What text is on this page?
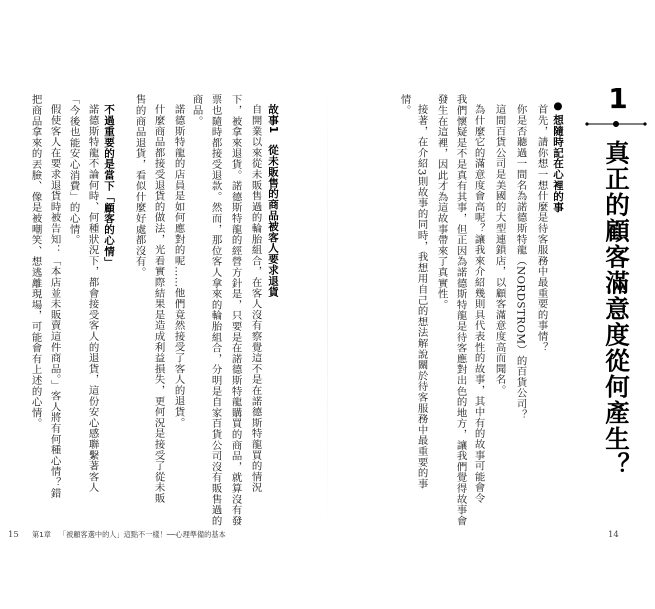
1
真正的顧客滿意度從何產生？
●想隨時記在心裡的事
首先，請你想一想什麼是待客服務中最重要的事情？
你是否聽過一間名為諾德斯特龍（NORDSTROM）的百貨公司？
這間百貨公司是美國的大型連鎖店，以顧客滿意度高而聞名。
為什麼它的滿意度會高呢？讓我來介紹幾則具代表性的故事，其中有的故事可能會令
我們懷疑是不是真有其事，但正因為諾德斯特龍是待客應對出色的地方，讓我們覺得故事會
發生在這裡，因此才為這故事帶來了真實性。
接著，在介紹3則故事的同時，我想用自己的想法解說關於待客服務中最重要的事
情。
14
故事1　從未販售的商品被客人要求退貨
自開業以來從未販售過的輪胎組合，在客人沒有察覺這不是在諾德斯特龍買的情況
下，被拿來退貨。諾德斯特龍的經營方針是，只要是在諾德斯特龍購買的商品，就算沒有發
票也隨時都接受退款。然而，那位客人拿來的輪胎組合，分明是自家百貨公司沒有販售過的
商品。
諾德斯特龍的店員是如何應對的呢……他們竟然接受了客人的退貨。
什麼商品都接受退貨的做法，光看實際結果是造成利益損失，更何況是接受了從未販
售的商品退貨，看似什麼好處都沒有。
不過重要的是當下「顧客的心情」
諾德斯特龍不論何時、何種狀況下，都會接受客人的退貨，這份安心感聯繫著客人
「今後也能安心消費」的心情。
假使客人在要求退貨時被告知：「本店並未販賣這件商品。」客人將有何種心情？錯
把商品拿來的丟臉、像是被嘲笑、想逃離現場，可能會有上述的心情。
15 第1章 「被顧客選中的人」這點不一樣！──心理準備的基本
